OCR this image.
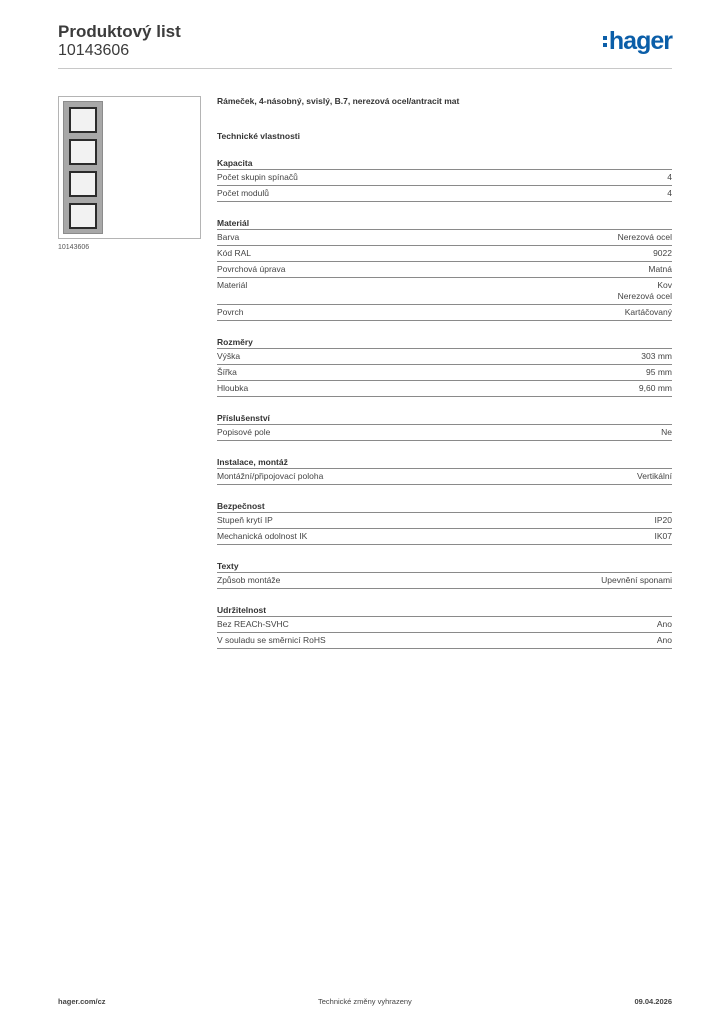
Produktový list
10143606	hager
10143606
Rámeček, 4-násobný, svislý, B.7, nerezová ocel/antracit mat
Technické vlastnosti
Kapacita
Počet skupin spínačů	4
Počet modulů	4
Materiál
Barva	Nerezová ocel
Kód RAL	9022
Povrchová úprava	Matná
Materiál	Kov
Nerezová ocel
Povrch	Kartáčovaný
Rozměry
Výška	303 mm
Šířka	95 mm
Hloubka	9,60 mm
Příslušenství
Popisové pole	Ne
Instalace, montáž
Montážní/připojovací poloha	Vertikální
Bezpečnost
Stupeň krytí IP	IP20
Mechanická odolnost IK	IK07
Texty
Způsob montáže	Upevnění sponami
Udržitelnost
Bez REACh-SVHC	Ano
V souladu se směrnicí RoHS	Ano
hager.com/cz	Technické změny vyhrazeny	09.04.2026
